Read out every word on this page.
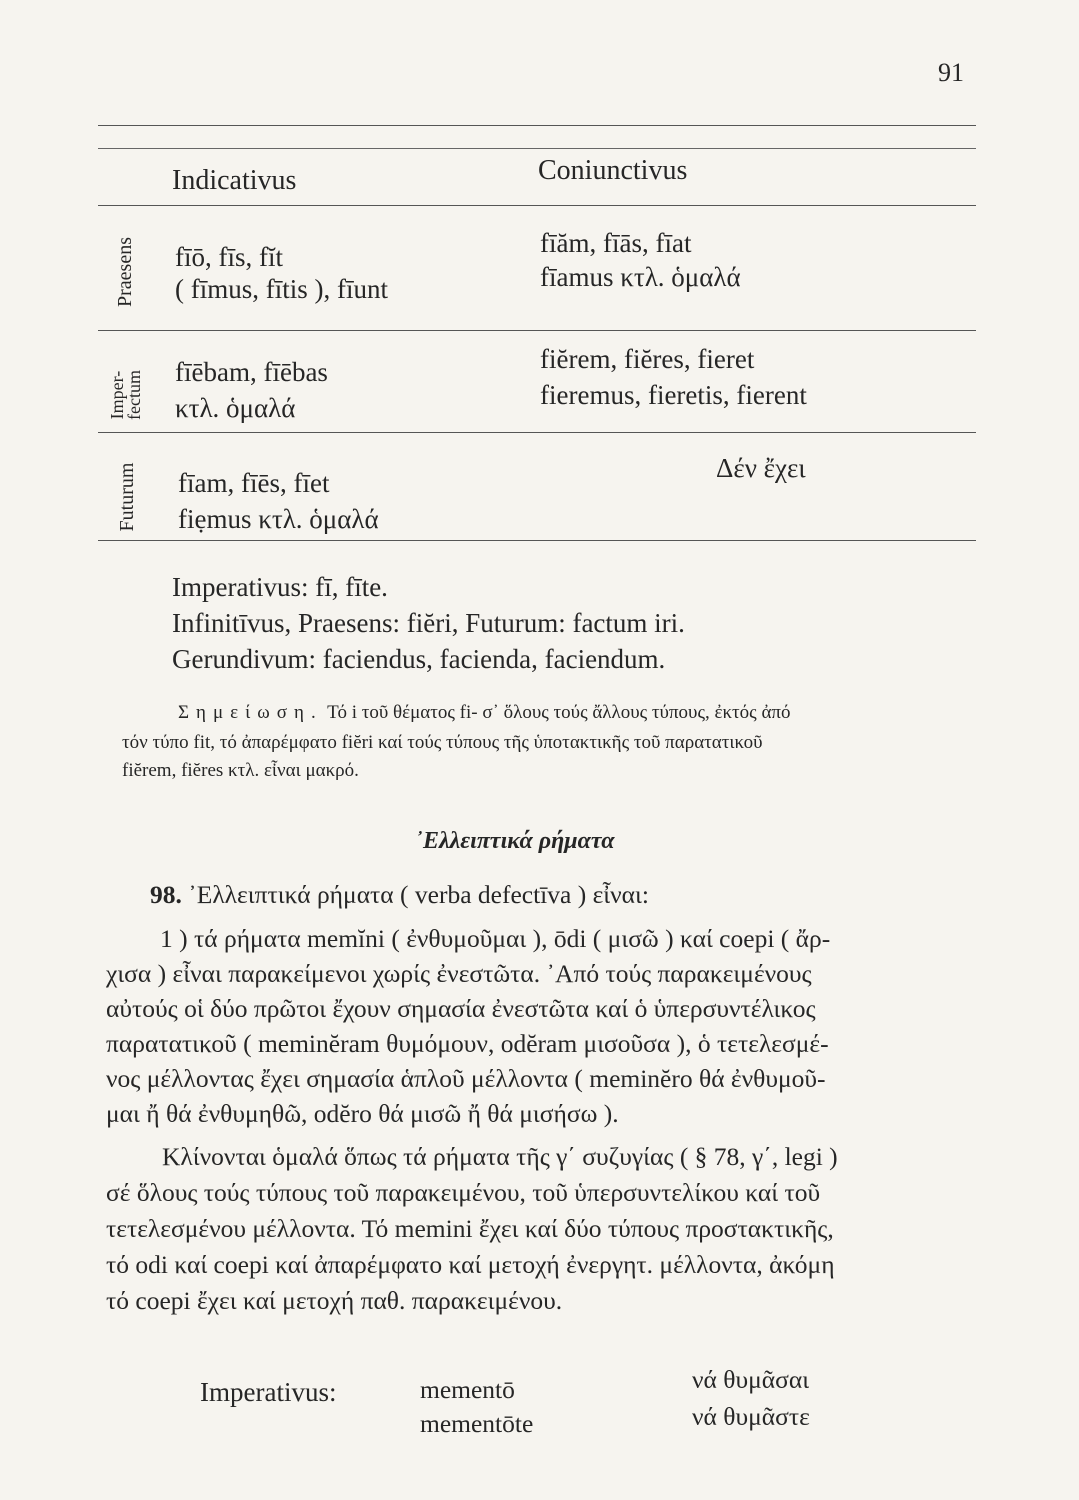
91
Indicativus	Coniunctivus
Praesens fīō, fīs, fĭt
( fīmus, fītis ), fīunt
fīăm, fīās, fīat
fīamus κτλ. ὁμαλά
Imper-
fectum fīēbam, fīēbas
κτλ. ὁμαλά
fiĕrem, fiĕres, fieret
fieremus, fieretis, fierent
Futurum fīam, fīēs, fīet
fiẹmus κτλ. ὁμαλά
Δέν ἔχει
Imperativus: fī, fīte.
Infinitīvus, Praesens: fiĕri, Futurum: factum iri.
Gerundivum: faciendus, facienda, faciendum.
Σημείωση. Τό i τοῦ θέματος fi- σ᾿ ὅλους τούς ἄλλους τύπους, ἐκτός ἀπό
τόν τύπο fit, τό ἀπαρέμφατο fiĕri καί τούς τύπους τῆς ὑποτακτικῆς τοῦ παρατατικοῦ
fiĕrem, fiĕres κτλ. εἶναι μακρό.
᾿Ελλειπτικά ρήματα
98. ᾿Ελλειπτικά ρήματα ( verba defectīva ) εἶναι:
1 ) τά ρήματα memĭni ( ἐνθυμοῦμαι ), ōdi ( μισῶ ) καί coepi ( ἄρ-
χισα ) εἶναι παρακείμενοι χωρίς ἐνεστῶτα. ᾿Από τούς παρακειμένους
αὐτούς οἱ δύο πρῶτοι ἔχουν σημασία ἐνεστῶτα καί ὁ ὑπερσυντέλικος
παρατατικοῦ ( meminĕram θυμόμουν, odĕram μισοῦσα ), ὁ τετελεσμέ-
νος μέλλοντας ἔχει σημασία ἁπλοῦ μέλλοντα ( meminĕro θά ἐνθυμοῦ-
μαι ἤ θά ἐνθυμηθῶ, odĕro θά μισῶ ἤ θά μισήσω ).
Κλίνονται ὁμαλά ὅπως τά ρήματα τῆς γ΄ συζυγίας ( § 78, γ΄, legi )
σέ ὅλους τούς τύπους τοῦ παρακειμένου, τοῦ ὑπερσυντελίκου καί τοῦ
τετελεσμένου μέλλοντα. Τό memini ἔχει καί δύο τύπους προστακτικῆς,
τό odi καί coepi καί ἀπαρέμφατο καί μετοχή ἐνεργητ. μέλλοντα, ἀκόμη
τό coepi ἔχει καί μετοχή παθ. παρακειμένου.
Imperativus:	mementō
mementōte
νά θυμᾶσαι
νά θυμᾶστε
